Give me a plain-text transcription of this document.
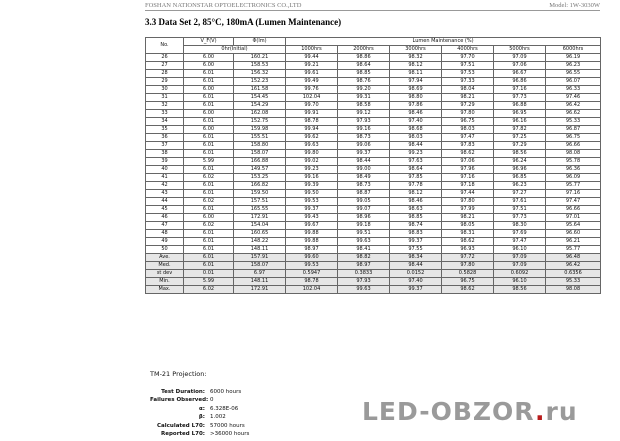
FOSHAN NATIONSTAR OPTOELECTRONICS CO.,LTD	Model: 1W-3030W
3.3 Data Set 2, 85°C, 180mA (Lumen Maintenance)
No.	V_F(V)	Φ(lm)	Lumen Maintenance (%)					
	0hr(Initial)		1000hrs	2000hrs	3000hrs	4000hrs	5000hrs	6000hrs
26	6.00	160.21	99.44	98.86	98.32	97.70	97.09	96.19
27	6.00	158.53	99.21	98.64	98.12	97.51	97.06	96.23
28	6.01	156.32	99.61	98.85	98.11	97.53	96.67	96.55
29	6.01	152.23	99.49	98.76	97.94	97.33	96.86	96.07
30	6.00	161.58	99.76	99.20	98.69	98.04	97.16	96.33
31	6.01	154.45	102.04	99.31	98.80	98.21	97.73	97.46
32	6.01	154.29	99.70	98.58	97.86	97.29	96.88	96.42
33	6.00	162.08	99.91	99.12	98.46	97.80	96.95	96.62
34	6.01	152.75	98.78	97.93	97.40	96.75	96.16	95.33
35	6.00	159.98	99.94	99.16	98.68	98.03	97.82	96.87
36	6.01	155.51	99.62	98.73	98.03	97.47	97.25	96.75
37	6.01	158.80	99.63	99.06	98.44	97.83	97.29	96.66
38	6.01	158.07	99.80	99.37	99.23	98.62	98.56	98.08
39	5.99	166.88	99.02	98.44	97.63	97.06	96.24	95.78
40	6.01	149.57	99.23	99.00	98.64	97.96	96.96	96.36
41	6.02	153.25	99.16	98.49	97.85	97.16	96.85	96.09
42	6.01	166.82	99.39	98.73	97.78	97.18	96.23	95.77
43	6.01	159.50	99.50	98.87	98.12	97.44	97.27	97.16
44	6.02	157.51	99.53	99.05	98.46	97.80	97.61	97.47
45	6.01	165.55	99.37	99.07	98.63	97.99	97.51	96.66
46	6.00	172.91	99.43	98.96	98.85	98.21	97.73	97.01
47	6.02	154.04	99.67	99.18	98.74	98.05	98.30	95.64
48	6.01	160.65	99.88	99.51	98.83	98.31	97.69	96.60
49	6.01	148.22	99.88	99.63	99.37	98.62	97.47	96.21
50	6.01	148.11	98.97	98.41	97.55	96.93	96.10	95.77
Ave.	6.01	157.91	99.60	98.82	98.34	97.72	97.09	96.48
Med.	6.01	158.07	99.53	98.97	98.44	97.80	97.09	96.42
st dev	0.01	6.97	0.5947	0.3833	0.0152	0.5828	0.6092	0.6356
Min.	5.99	148.11	98.78	97.93	97.40	96.75	96.10	95.33
Max.	6.02	172.91	102.04	99.63	99.37	98.62	98.56	98.08
TM-21 Projection:
Test Duration: 6000 hours
Failures Observed: 0
α: 6.328E-06
β: 1.002
Calculated L70: 57000 hours
Reported L70: >36000 hours
LED-OBZOR.ru
